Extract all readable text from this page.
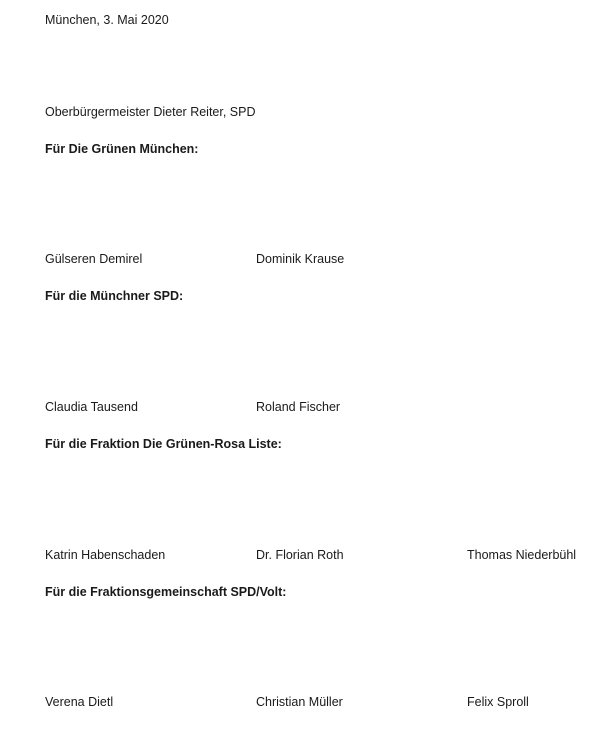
München, 3. Mai 2020
Oberbürgermeister Dieter Reiter, SPD
Für Die Grünen München:
Gülseren Demirel	Dominik Krause
Für die Münchner SPD:
Claudia Tausend	Roland Fischer
Für die Fraktion Die Grünen-Rosa Liste:
Katrin Habenschaden	Dr. Florian Roth	Thomas Niederbühl
Für die Fraktionsgemeinschaft SPD/Volt:
Verena Dietl	Christian Müller	Felix Sproll
